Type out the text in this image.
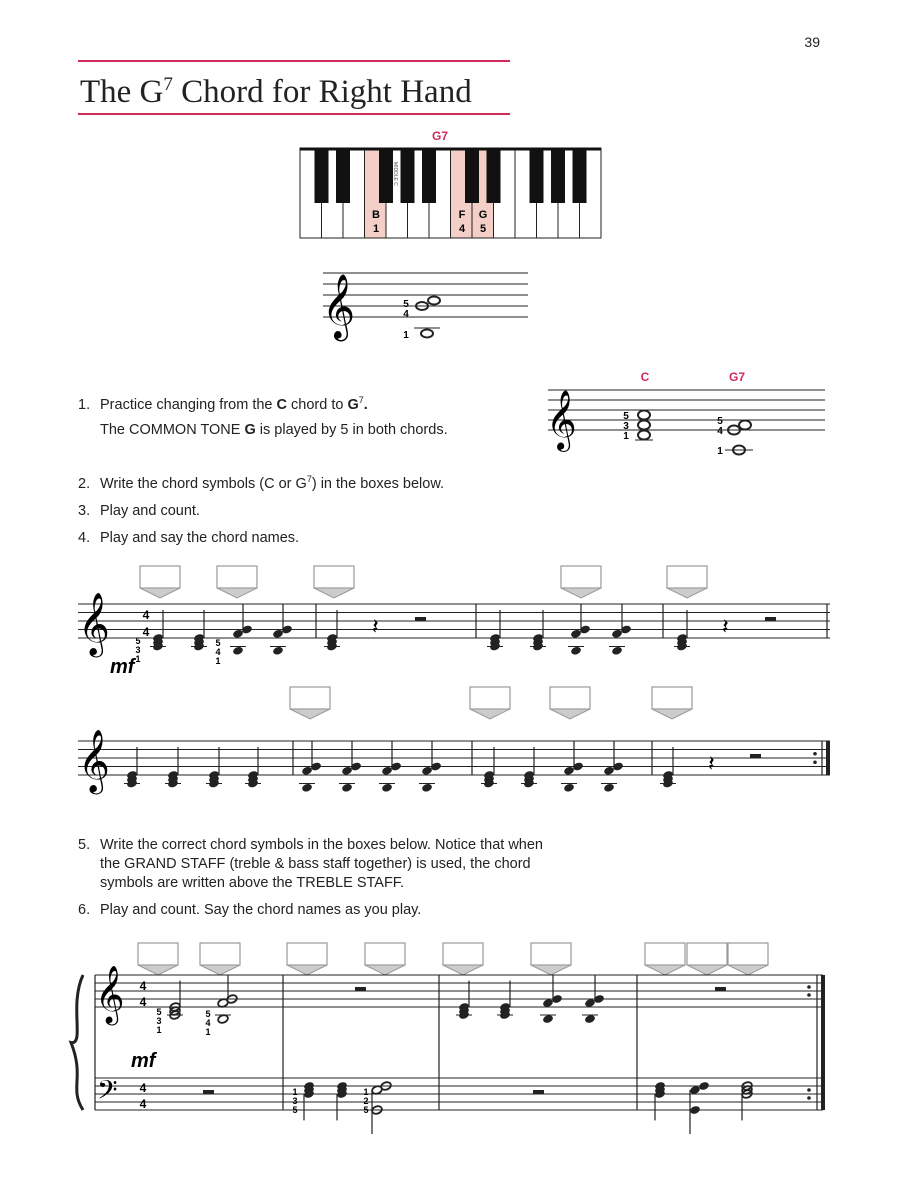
39
The $G^7$ Chord for Right Hand
G7
MIDDLE C
B
1
F
4
G
5
𝄞	5
4
1
1. Practice changing from the C chord to $G^7$.
The COMMON TONE G is played by 5 in both chords.
C	G7
𝄞	5
3
1
5
4
1
2. Write the chord symbols (C or $G^7$) in the boxes below.
3. Play and count.
4. Play and say the chord names.
𝄞
𝄞
𝄽	𝄽
𝄽
4
4
mf
5
3
1
5
4
1
5. Write the correct chord symbols in the boxes below. Notice that when
the GRAND STAFF (treble & bass staff together) is used, the chord
symbols are written above the TREBLE STAFF.
6. Play and count. Say the chord names as you play.
𝄞
𝄢
4
4
4
4
mf
5
3
1
5
4
1
1
3
5
1
2
5
